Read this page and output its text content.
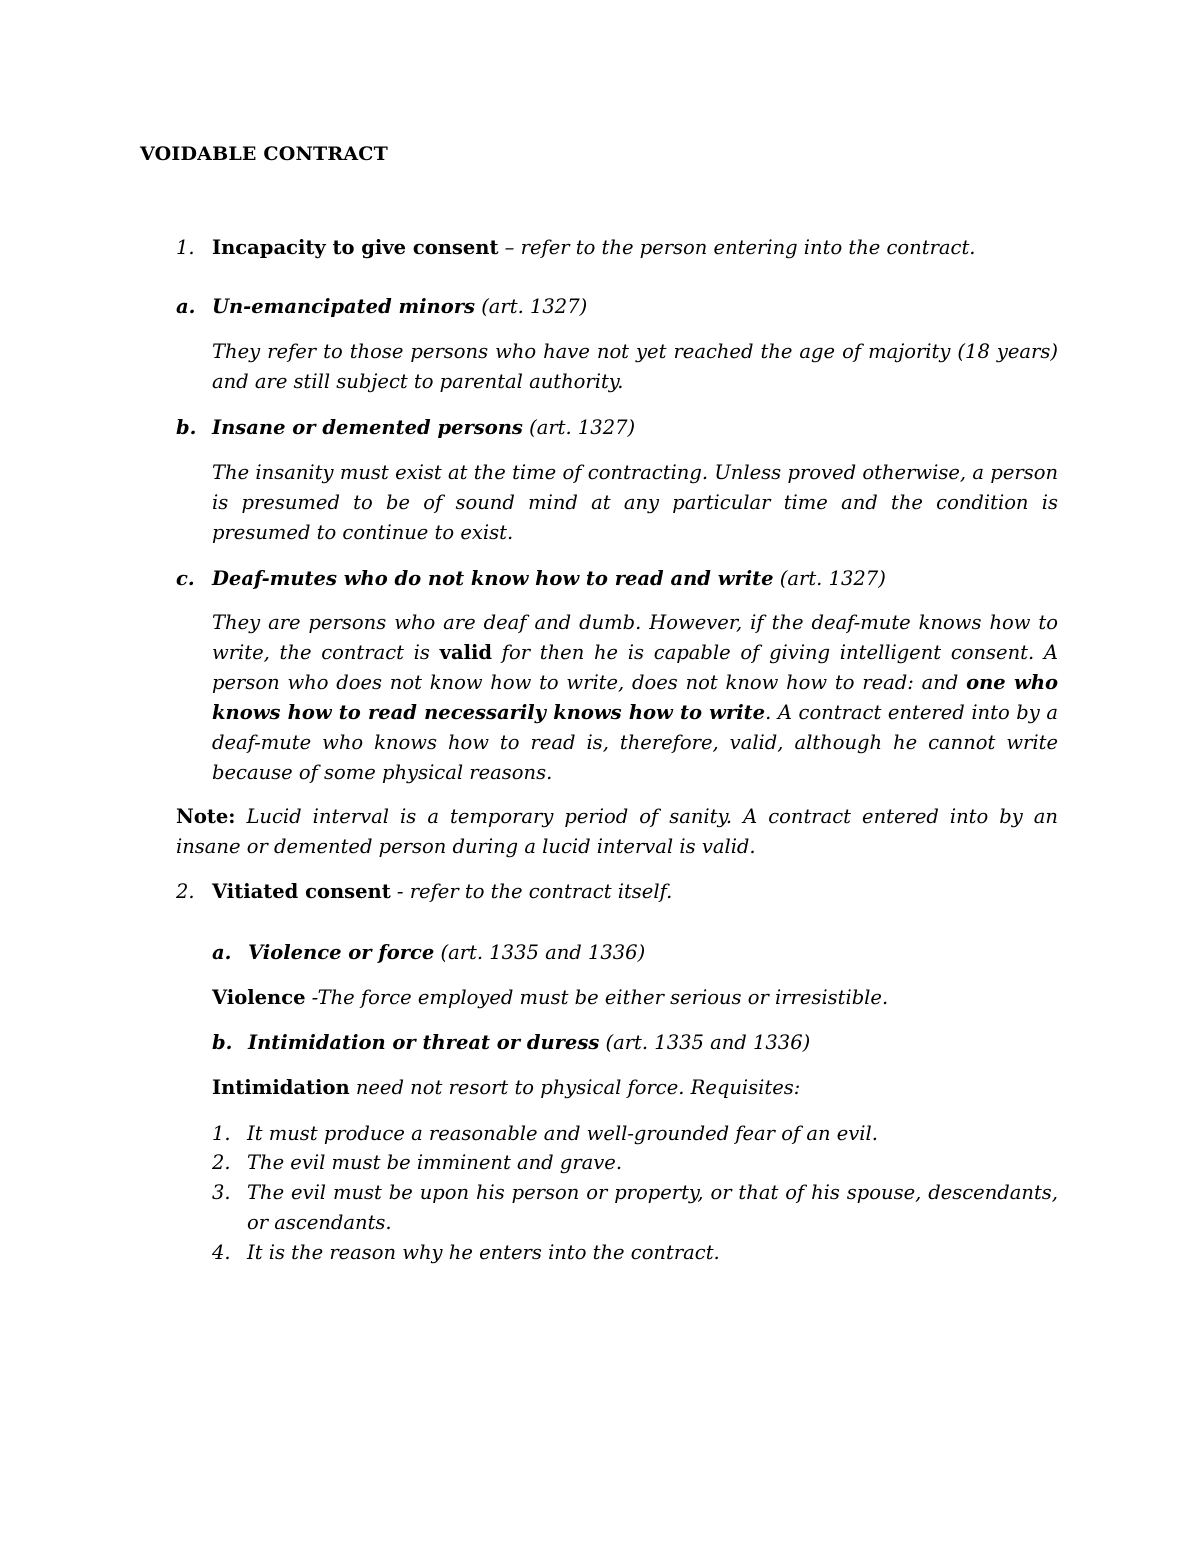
VOIDABLE CONTRACT
1. Incapacity to give consent – refer to the person entering into the contract.
a. Un-emancipated minors (art. 1327)
They refer to those persons who have not yet reached the age of majority (18 years) and are still subject to parental authority.
b. Insane or demented persons (art. 1327)
The insanity must exist at the time of contracting. Unless proved otherwise, a person is presumed to be of sound mind at any particular time and the condition is presumed to continue to exist.
c. Deaf-mutes who do not know how to read and write (art. 1327)
They are persons who are deaf and dumb. However, if the deaf-mute knows how to write, the contract is valid for then he is capable of giving intelligent consent. A person who does not know how to write, does not know how to read: and one who knows how to read necessarily knows how to write. A contract entered into by a deaf-mute who knows how to read is, therefore, valid, although he cannot write because of some physical reasons.
Note: Lucid interval is a temporary period of sanity. A contract entered into by an insane or demented person during a lucid interval is valid.
2. Vitiated consent - refer to the contract itself.
a. Violence or force (art. 1335 and 1336)
Violence -The force employed must be either serious or irresistible.
b. Intimidation or threat or duress (art. 1335 and 1336)
Intimidation need not resort to physical force. Requisites:
1. It must produce a reasonable and well-grounded fear of an evil.
2. The evil must be imminent and grave.
3. The evil must be upon his person or property, or that of his spouse, descendants, or ascendants.
4. It is the reason why he enters into the contract.
